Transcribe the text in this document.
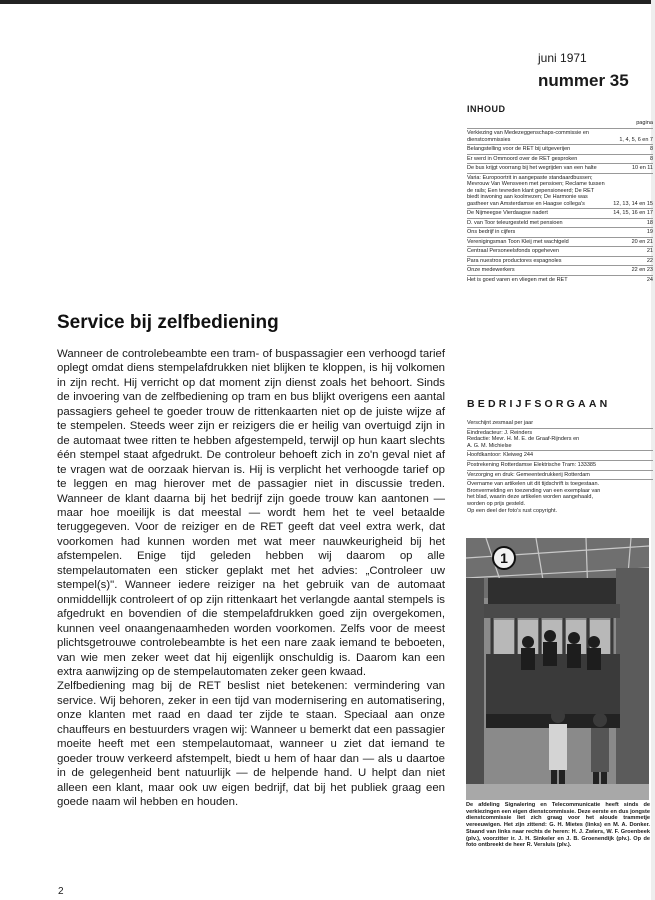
juni 1971
nummer 35
INHOUD
pagina
Verkiezing van Medezeggenschaps-commissie en dienstcommissies	1, 4, 5, 6 en 7
Belangstelling voor de RET bij uitgeverijen	8
Er werd in Ommoord over de RET gesproken	8
De bus krijgt voorrang bij het wegrijden van een halte	10 en 11
Varia: Europoortrit in aangepaste standaardbussen; Mevrouw Van Wensveen met pensioen; Reclame tussen de rails; Een tevreden klant gepensioneerd; De RET biedt inwoning aan koolmezen; De Harmonie was gastheer van Amsterdamse en Haagse collega's	12, 13, 14 en 15
De Nijmeegse Vierdaagse nadert	14, 15, 16 en 17
D. van Toor teleurgesteld met pensioen	18
Ons bedrijf in cijfers	19
Verenigingsman Toon Kleij met wachtgeld	20 en 21
Centraal Personeelsfonds opgeheven	21
Para nuestros productores espagnoles	22
Onze medewerkers	22 en 23
Het is goed varen en vliegen met de RET	24
BEDRIJFSORGAAN
Verschijnt zesmaal per jaar
Eindredacteur: J. Reinders
Redactie: Mevr. H. M. E. de Graaf-Rijnders en
A. G. M. Michielse
Hoofdkantoor: Kleiweg 244
Postrekening Rotterdamse Elektrische Tram: 133385
Verzorging en druk: Gemeentedrukkerij Rotterdam
Overname van artikelen uit dit tijdschrift is toegestaan.
Bronvermelding en toezending van een exemplaar van
het blad, waarin deze artikelen worden aangehaald,
worden op prijs gesteld.
Op een deel der foto's rust copyright.
1
De afdeling Signalering en Telecommunicatie heeft sinds de verkiezingen een eigen dienstcommissie. Deze eerste en dus jongste dienstcommissie liet zich graag voor het aloude trammetje vereeuwigen. Het zijn zittend: G. H. Mietes (links) en M. A. Donker. Staand van links naar rechts de heren: H. J. Zwiers, W. F. Groenbeek (plv.), voorzitter ir. J. H. Sinkeler en J. B. Groenendijk (plv.). Op de foto ontbreekt de heer R. Versluis (plv.).
Service bij zelfbediening

Wanneer de controlebeambte een tram- of buspassagier een verhoogd tarief oplegt omdat diens stempelafdrukken niet blijken te kloppen, is hij volkomen in zijn recht. Hij verricht op dat moment zijn dienst zoals het behoort. Sinds de invoering van de zelfbediening op tram en bus blijkt overigens een aantal passagiers geheel te goeder trouw de rittenkaarten niet op de juiste wijze af te stempelen. Steeds weer zijn er reizigers die er heilig van overtuigd zijn in de automaat twee ritten te hebben afgestempeld, terwijl op hun kaart slechts één stempel staat afgedrukt. De controleur behoeft zich in zo'n geval niet af te vragen wat de oorzaak hiervan is. Hij is verplicht het verhoogde tarief op te leggen en mag hierover met de passagier niet in discussie treden. Wanneer de klant daarna bij het bedrijf zijn goede trouw kan aantonen — maar hoe moeilijk is dat meestal — wordt hem het te veel betaalde teruggegeven. Voor de reiziger en de RET geeft dat veel extra werk, dat voorkomen had kunnen worden met wat meer nauwkeurigheid bij het afstempelen. Enige tijd geleden hebben wij daarom op alle stempelautomaten een sticker geplakt met het advies: „Controleer uw stempel(s)". Wanneer iedere reiziger na het gebruik van de automaat onmiddellijk controleert of op zijn rittenkaart het verlangde aantal stempels is afgedrukt en bovendien of die stempelafdrukken goed zijn overgekomen, kunnen veel onaangenaamheden worden voorkomen. Zelfs voor de meest plichtsgetrouwe controlebeambte is het een nare zaak iemand te beboeten, van wie men zeker weet dat hij eigenlijk onschuldig is. Daarom kan een extra aanwijzing op de stempelautomaten zeker geen kwaad.

Zelfbediening mag bij de RET beslist niet betekenen: vermindering van service. Wij behoren, zeker in een tijd van modernisering en automatisering, onze klanten met raad en daad ter zijde te staan. Speciaal aan onze chauffeurs en bestuurders vragen wij: Wanneer u bemerkt dat een passagier moeite heeft met een stempelautomaat, wanneer u ziet dat iemand te goeder trouw verkeerd afstempelt, biedt u hem of haar dan — als u daartoe in de gelegenheid bent natuurlijk — de helpende hand. U helpt dan niet alleen een klant, maar ook uw eigen bedrijf, dat bij het publiek graag een goede naam wil hebben en houden.

2
